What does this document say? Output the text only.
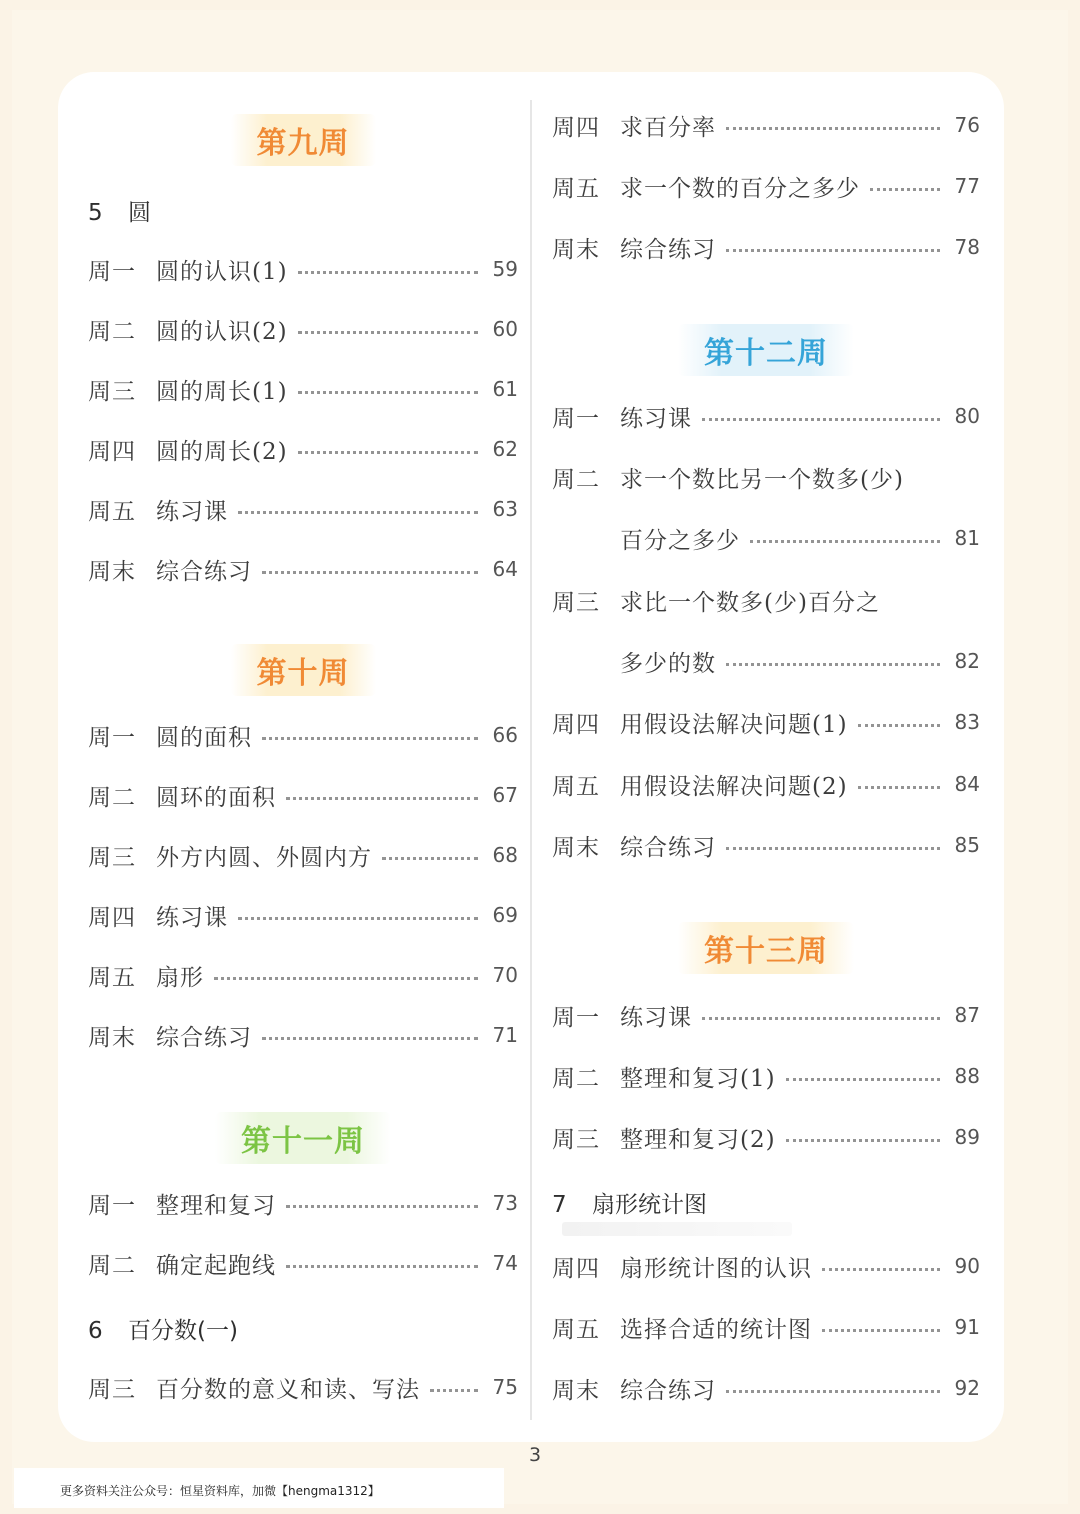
第九周
5 圆
周一 圆的认识(1)	59
周二 圆的认识(2)	60
周三 圆的周长(1)	61
周四 圆的周长(2)	62
周五 练习课	63
周末 综合练习	64
第十周
周一 圆的面积	66
周二 圆环的面积	67
周三 外方内圆、外圆内方	68
周四 练习课	69
周五 扇形	70
周末 综合练习	71
第十一周
周一 整理和复习	73
周二 确定起跑线	74
6 百分数(一)
周三 百分数的意义和读、写法	75
周四 求百分率	76
周五 求一个数的百分之多少	77
周末 综合练习	78
第十二周
周一 练习课	80
周二 求一个数比另一个数多(少)
百分之多少	81
周三 求比一个数多(少)百分之
多少的数	82
周四 用假设法解决问题(1)	83
周五 用假设法解决问题(2)	84
周末 综合练习	85
第十三周
周一 练习课	87
周二 整理和复习(1)	88
周三 整理和复习(2)	89
7 扇形统计图
周四 扇形统计图的认识	90
周五 选择合适的统计图	91
周末 综合练习	92
3
更多资料关注公众号：恒星资料库，加微【hengma1312】
